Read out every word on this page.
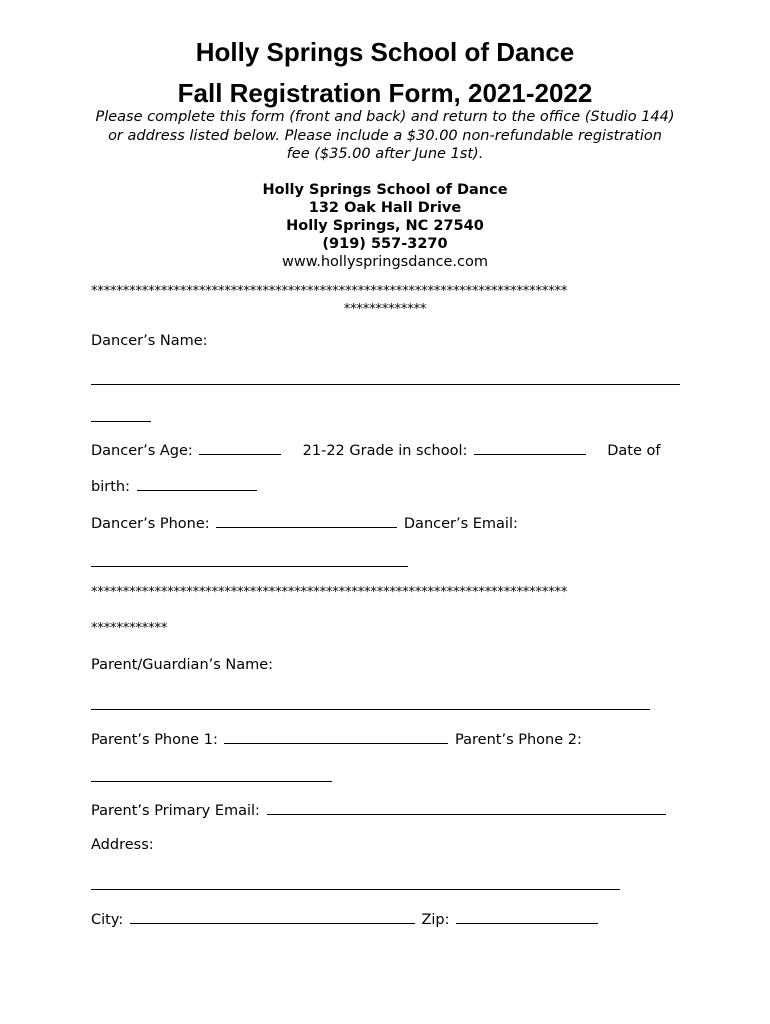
Holly Springs School of Dance
Fall Registration Form, 2021-2022
Please complete this form (front and back) and return to the office (Studio 144) or address listed below. Please include a $30.00 non-refundable registration fee ($35.00 after June 1st).
Holly Springs School of Dance
132 Oak Hall Drive
Holly Springs, NC 27540
(919) 557-3270
www.hollyspringsdance.com
***************************************************************************
*************
Dancer’s Name:
Dancer’s Age:	21-22 Grade in school:	Date of
birth:
Dancer’s Phone:	Dancer’s Email:
***************************************************************************
************
Parent/Guardian’s Name:
Parent’s Phone 1:	Parent’s Phone 2:
Parent’s Primary Email:
Address:
City:	Zip:
